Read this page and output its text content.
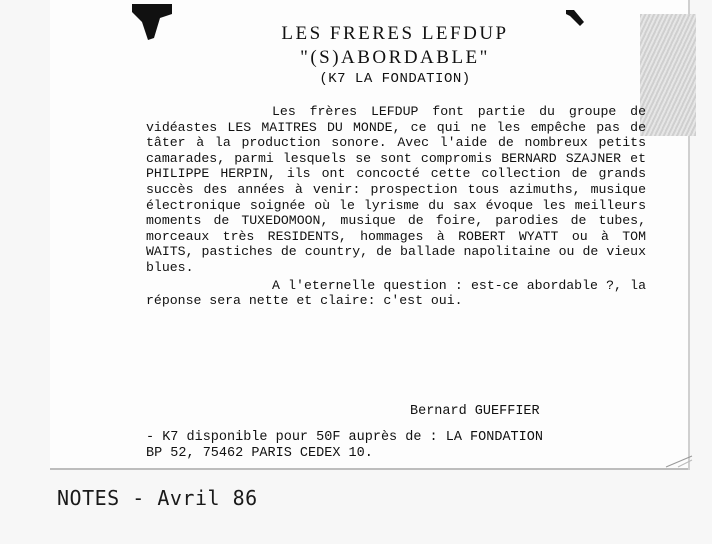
LES FRERES LEFDUP
"(S)ABORDABLE"
(K7 LA FONDATION)

Les frères LEFDUP font partie du groupe de vidéastes LES MAITRES DU MONDE, ce qui ne les empêche pas de tâter à la production sonore. Avec l'aide de nombreux petits camarades, parmi lesquels se sont compromis BERNARD SZAJNER et PHILIPPE HERPIN, ils ont concocté cette collection de grands succès des années à venir: prospection tous azimuths, musique électronique soignée où le lyrisme du sax évoque les meilleurs moments de TUXEDOMOON, musique de foire, parodies de tubes, morceaux très RESIDENTS, hommages à ROBERT WYATT ou à TOM WAITS, pastiches de country, de ballade napolitaine ou de vieux blues.

A l'eternelle question : est-ce abordable ?, la réponse sera nette et claire: c'est oui.

Bernard GUEFFIER
- K7 disponible pour 50F auprès de : LA FONDATION
BP 52, 75462 PARIS CEDEX 10.
NOTES - Avril 86
